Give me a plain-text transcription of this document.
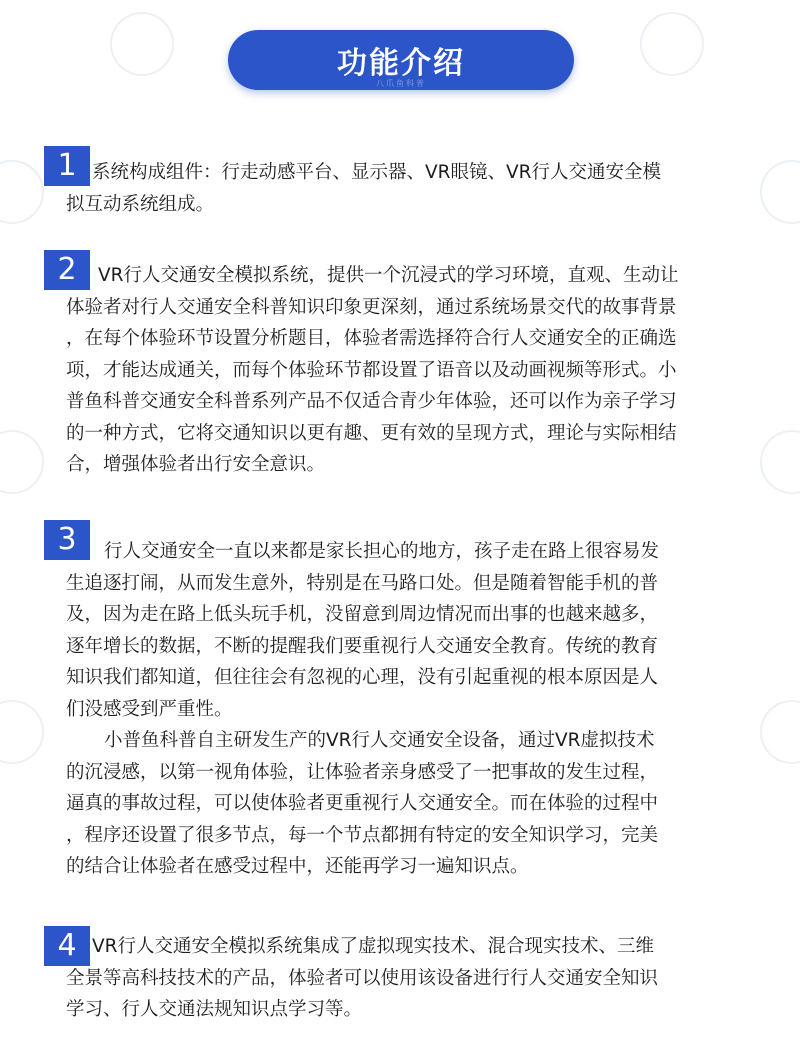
功能介绍
八爪鱼科普
1 系统构成组件：行走动感平台、显示器、VR眼镜、VR行人交通安全模

拟互动系统组成。

2	VR行人交通安全模拟系统，提供一个沉浸式的学习环境，直观、生动让

体验者对行人交通安全科普知识印象更深刻，通过系统场景交代的故事背景

，在每个体验环节设置分析题目，体验者需选择符合行人交通安全的正确选

项，才能达成通关，而每个体验环节都设置了语音以及动画视频等形式。小

普鱼科普交通安全科普系列产品不仅适合青少年体验，还可以作为亲子学习

的一种方式，它将交通知识以更有趣、更有效的呈现方式，理论与实际相结

合，增强体验者出行安全意识。

3	行人交通安全一直以来都是家长担心的地方，孩子走在路上很容易发

生追逐打闹，从而发生意外，特别是在马路口处。但是随着智能手机的普

及，因为走在路上低头玩手机，没留意到周边情况而出事的也越来越多，

逐年增长的数据，不断的提醒我们要重视行人交通安全教育。传统的教育

知识我们都知道，但往往会有忽视的心理，没有引起重视的根本原因是人

们没感受到严重性。

小普鱼科普自主研发生产的VR行人交通安全设备，通过VR虚拟技术

的沉浸感，以第一视角体验，让体验者亲身感受了一把事故的发生过程，

逼真的事故过程，可以使体验者更重视行人交通安全。而在体验的过程中

，程序还设置了很多节点，每一个节点都拥有特定的安全知识学习，完美

的结合让体验者在感受过程中，还能再学习一遍知识点。

4 VR行人交通安全模拟系统集成了虚拟现实技术、混合现实技术、三维

全景等高科技技术的产品，体验者可以使用该设备进行行人交通安全知识

学习、行人交通法规知识点学习等。
